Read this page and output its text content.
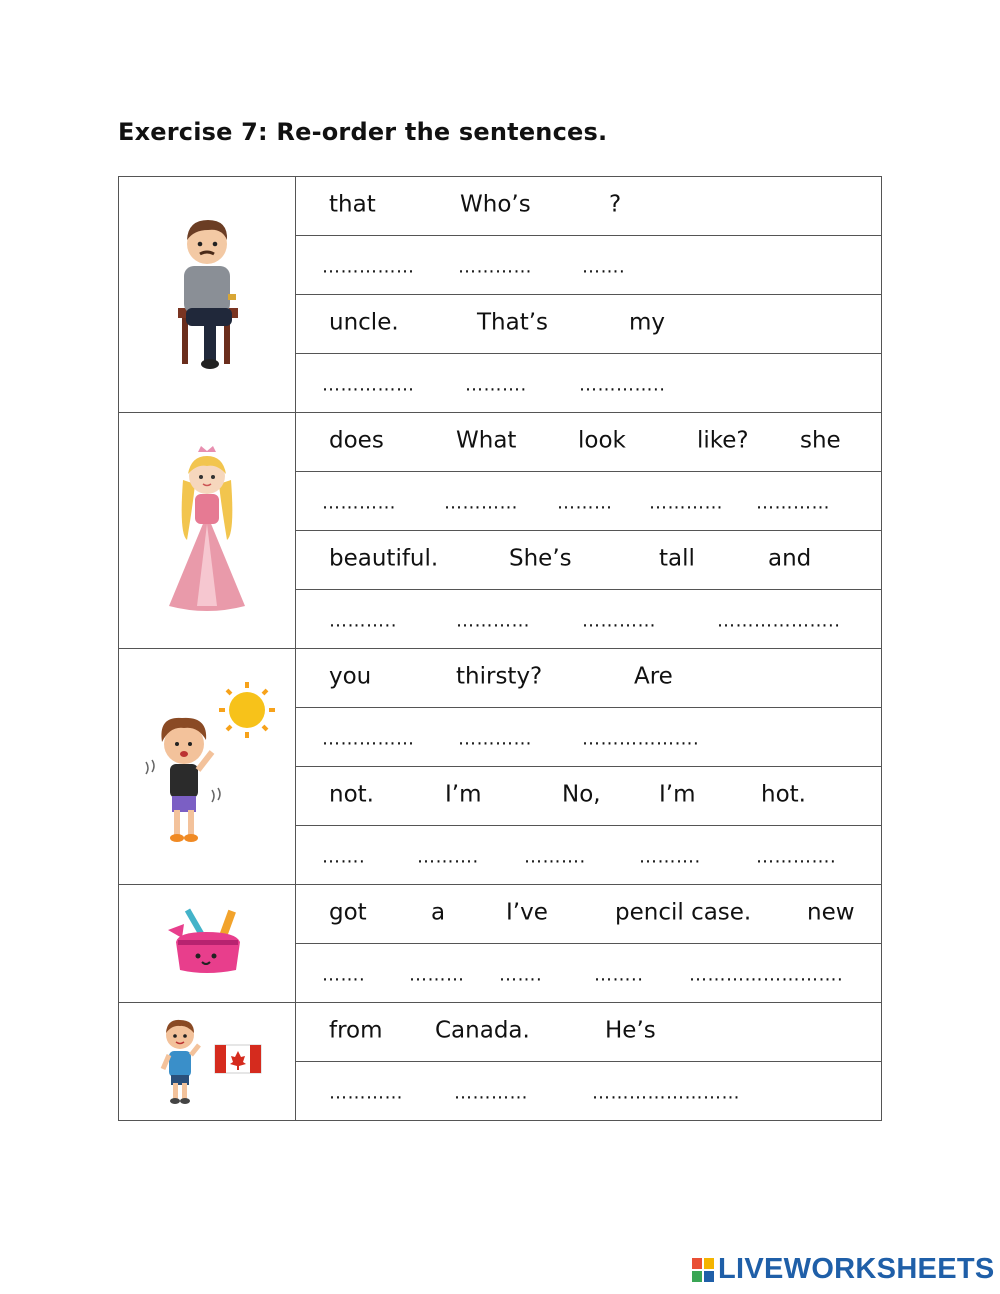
Exercise 7: Re-order the sentences.

that Who’s ?

	…………… ………… …….

	uncle. That’s my

	…………… ………. …………..

does What look like? she

	………… ………… ……… ………… …………

	beautiful. She’s tall and

	……….. ………… ………… ………………..

you thirsty? Are

	…………… ………… ……………….

	not. I’m No, I’m hot.

	……. ………. ………. ………. ………….

got a I’ve pencil case. new

	……. ……… ……. …….. …………………….

from Canada. He’s

	………… ………… ……………………
LIVEWORKSHEETS
